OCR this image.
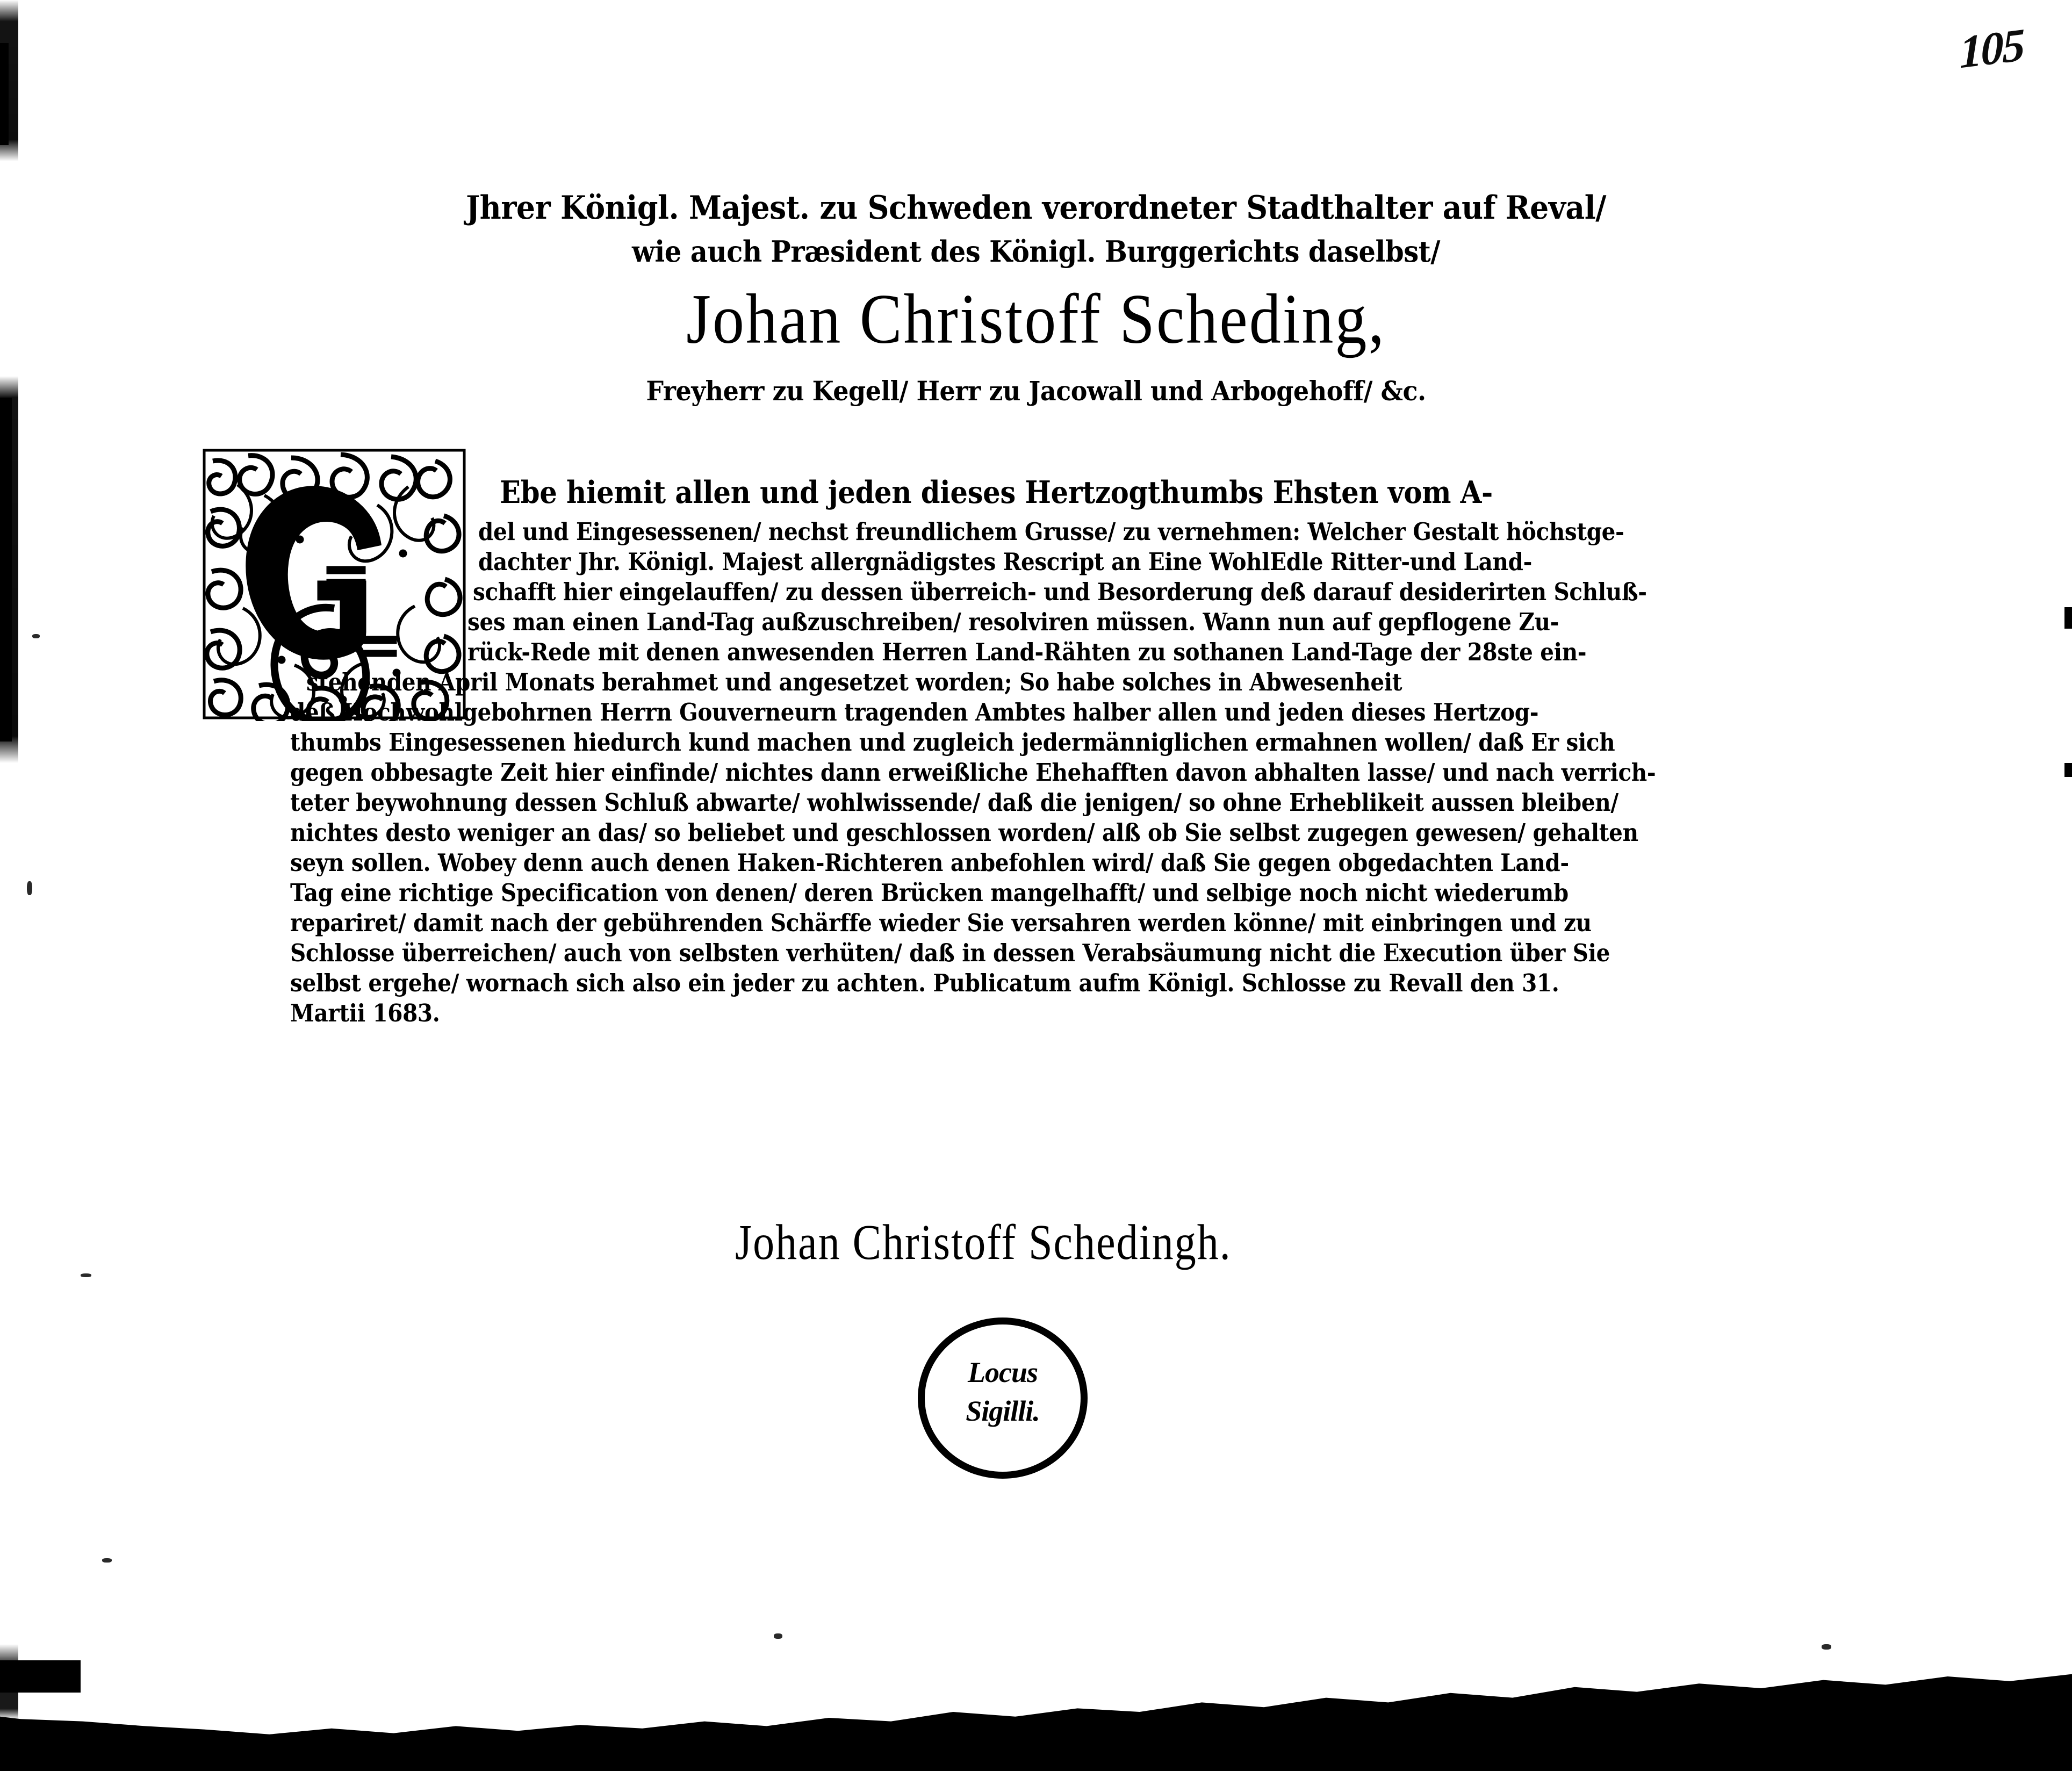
105
Jhrer Königl. Majest. zu Schweden verordneter Stadthalter auf Reval/
wie auch Præsident des Königl. Burggerichts daselbst/
Johan Christoff Scheding,
Freyherr zu Kegell/ Herr zu Jacowall und Arbogehoff/ &c.
Ebe hiemit allen und jeden dieses Hertzogthumbs Ehsten vom A-
del und Eingesessenen/ nechst freundlichem Grusse/ zu vernehmen: Welcher Gestalt höchstge-
dachter Jhr. Königl. Majest allergnädigstes Rescript an Eine WohlEdle Ritter-und Land-
schafft hier eingelauffen/ zu dessen überreich- und Besorderung deß darauf desiderirten Schluß-
ses man einen Land-Tag außzuschreiben/ resolviren müssen. Wann nun auf gepflogene Zu-
rück-Rede mit denen anwesenden Herren Land-Rähten zu sothanen Land-Tage der 28ste ein-
stehenden April Monats berahmet und angesetzet worden; So habe solches in Abwesenheit
deß Hochwohlgebohrnen Herrn Gouverneurn tragenden Ambtes halber allen und jeden dieses Hertzog-
thumbs Eingesessenen hiedurch kund machen und zugleich jedermänniglichen ermahnen wollen/ daß Er sich
gegen obbesagte Zeit hier einfinde/ nichtes dann erweißliche Ehehafften davon abhalten lasse/ und nach verrich-
teter beywohnung dessen Schluß abwarte/ wohlwissende/ daß die jenigen/ so ohne Erheblikeit aussen bleiben/
nichtes desto weniger an das/ so beliebet und geschlossen worden/ alß ob Sie selbst zugegen gewesen/ gehalten
seyn sollen. Wobey denn auch denen Haken-Richteren anbefohlen wird/ daß Sie gegen obgedachten Land-
Tag eine richtige Specification von denen/ deren Brücken mangelhafft/ und selbige noch nicht wiederumb
repariret/ damit nach der gebührenden Schärffe wieder Sie versahren werden könne/ mit einbringen und zu
Schlosse überreichen/ auch von selbsten verhüten/ daß in dessen Verabsäumung nicht die Execution über Sie
selbst ergehe/ wornach sich also ein jeder zu achten. Publicatum aufm Königl. Schlosse zu Revall den 31.
Martii 1683.
Johan Christoff Schedingh.
Locus
Sigilli.
